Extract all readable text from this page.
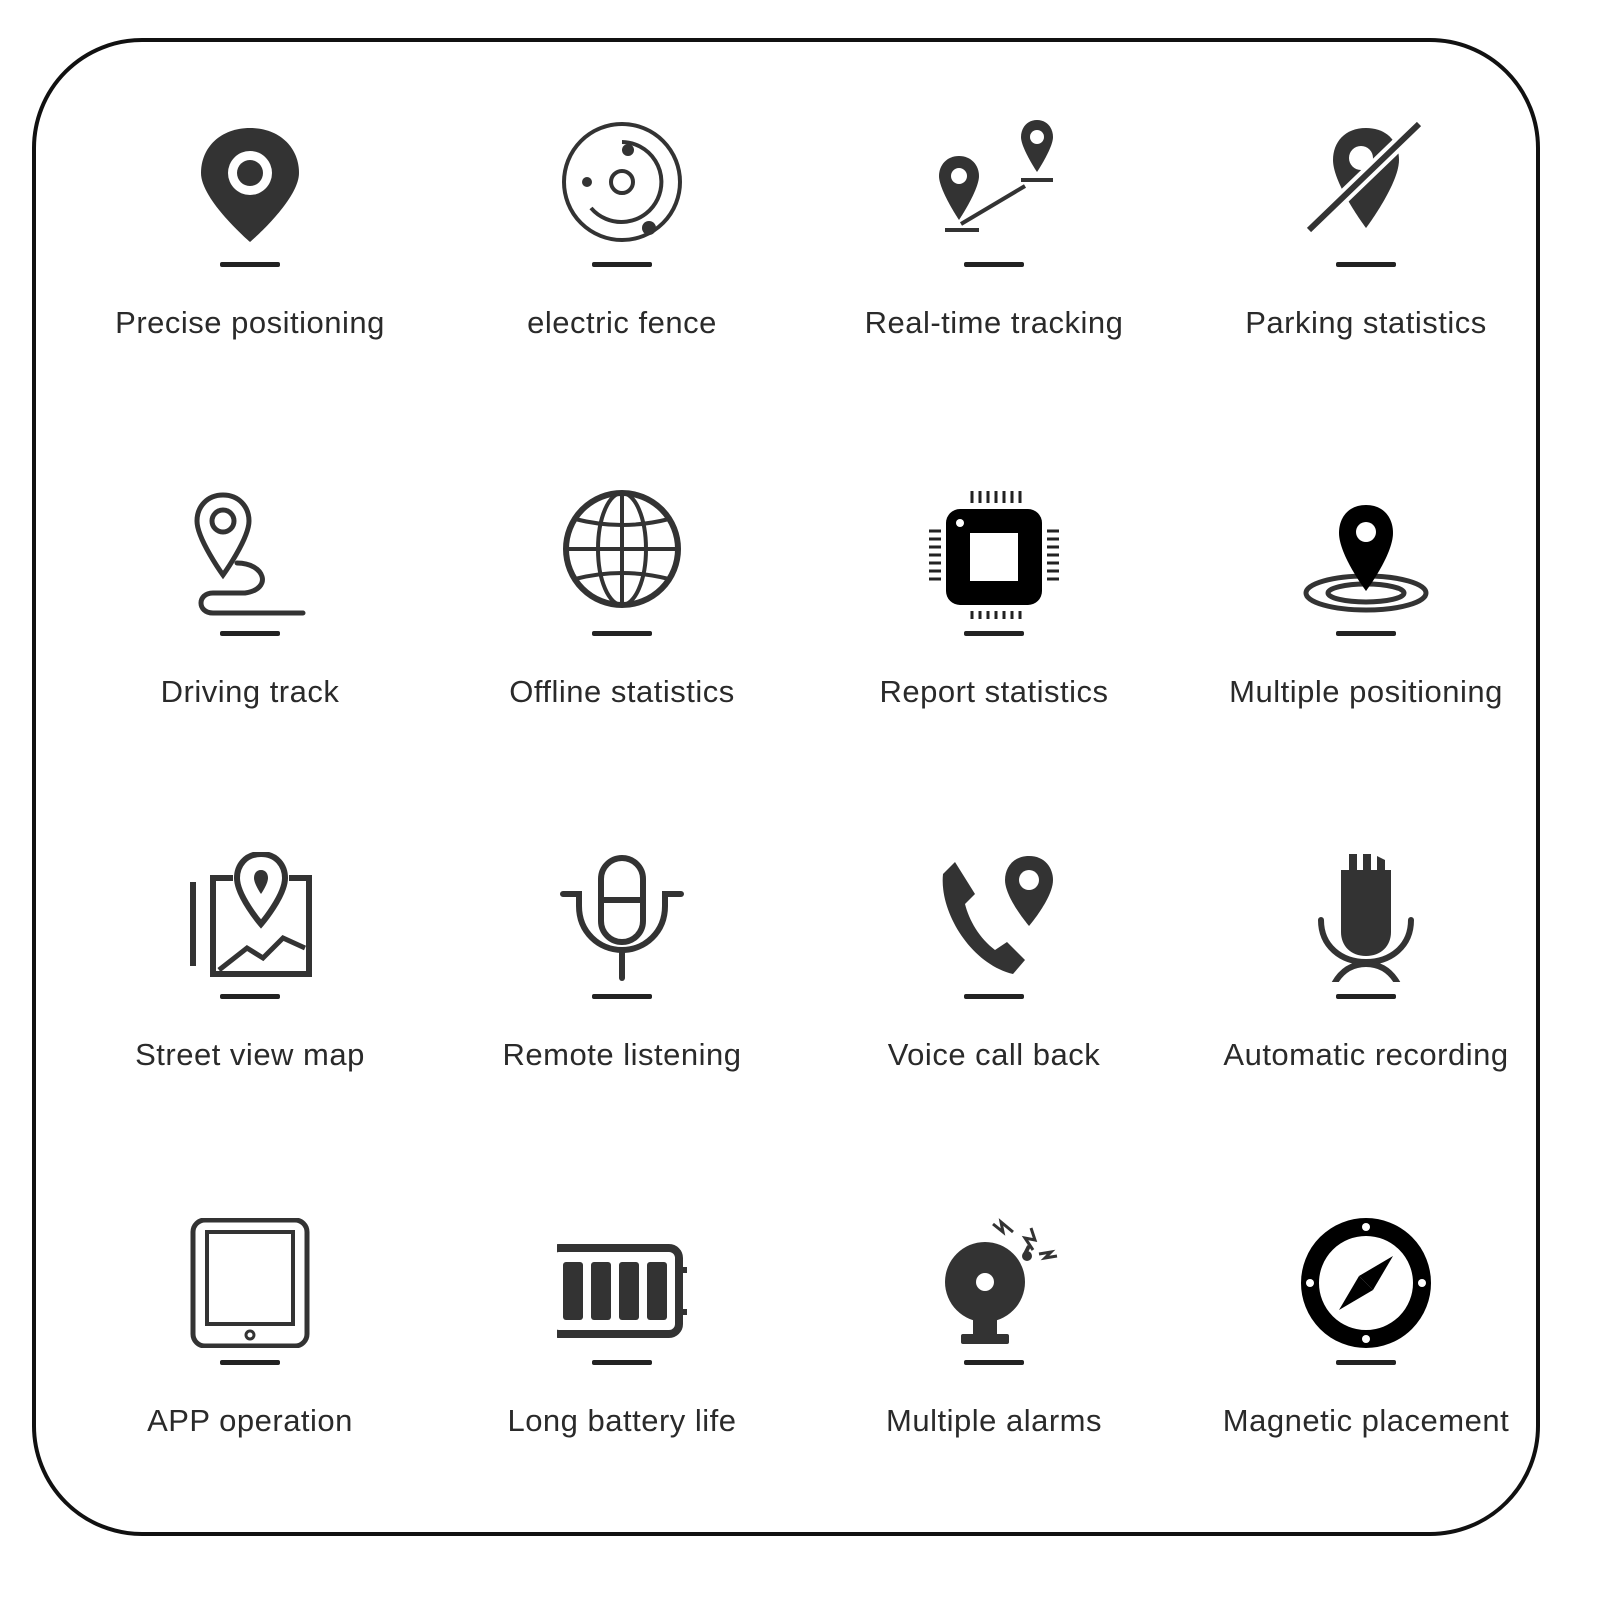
Precise positioning	electric fence	Real-time tracking	Parking statistics
Driving track	Offline statistics	Report statistics	Multiple positioning
Street view map	Remote listening	Voice call back	Automatic recording
APP operation	Long battery life	Multiple alarms	Magnetic placement
